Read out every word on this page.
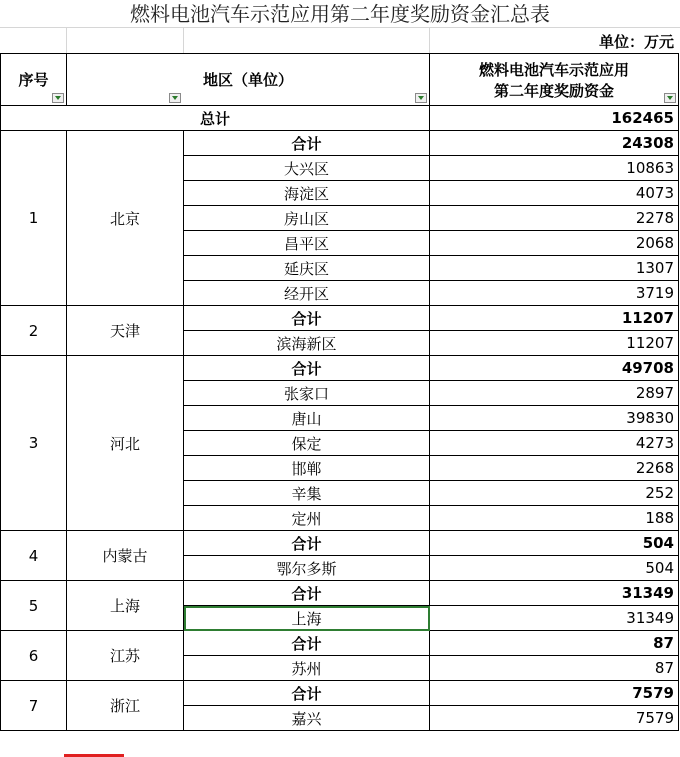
燃料电池汽车示范应用第二年度奖励资金汇总表
单位：万元
序号	地区（单位）		燃料电池汽车示范应用
第二年度奖励资金

总计			162465
1	北京	合计	24308
		大兴区	10863
		海淀区	4073
		房山区	2278
		昌平区	2068
		延庆区	1307
		经开区	3719
2	天津	合计	11207
		滨海新区	11207
3	河北	合计	49708
		张家口	2897
		唐山	39830
		保定	4273
		邯郸	2268
		辛集	252
		定州	188
4	内蒙古	合计	504
		鄂尔多斯	504
5	上海	合计	31349
		上海	31349
6	江苏	合计	87
		苏州	87
7	浙江	合计	7579
		嘉兴	7579
